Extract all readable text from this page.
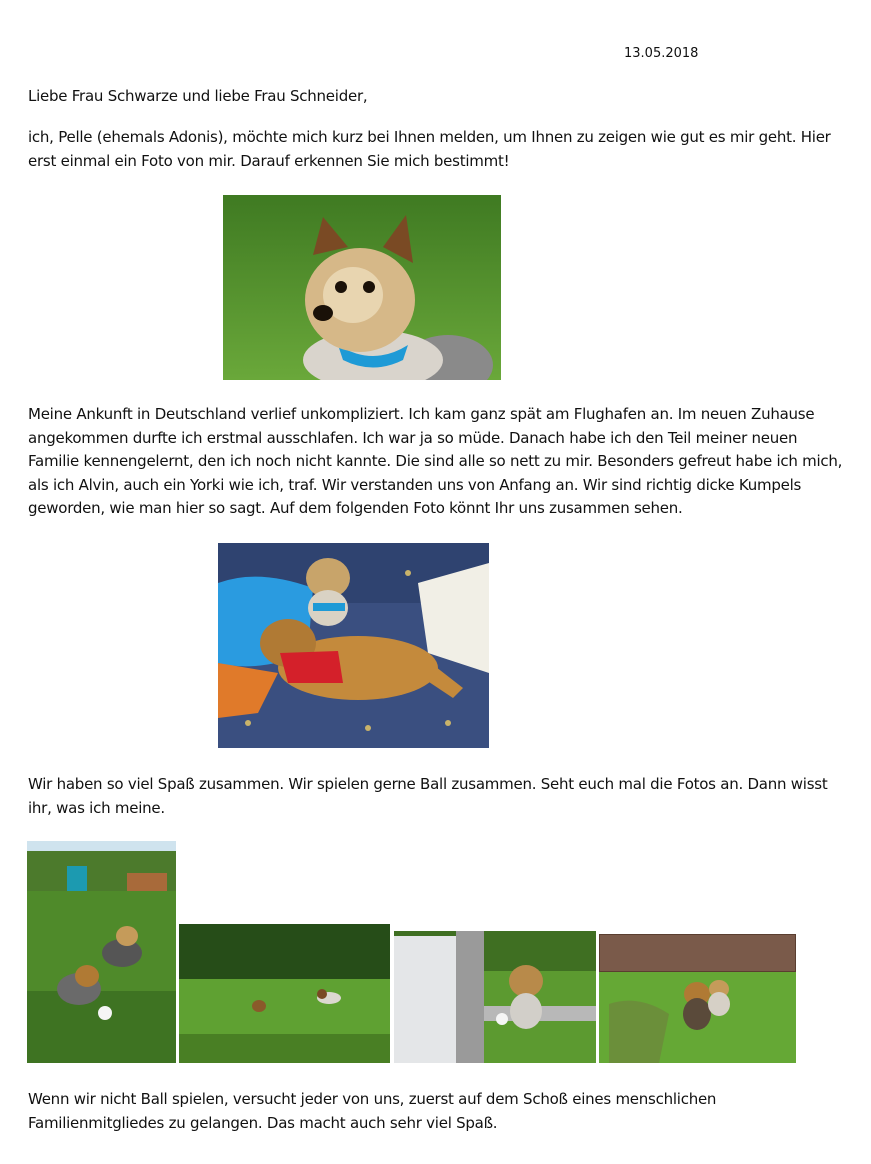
13.05.2018
Liebe Frau Schwarze und liebe Frau Schneider,
ich, Pelle (ehemals Adonis), möchte mich kurz bei Ihnen melden, um Ihnen zu zeigen wie gut es mir geht. Hier erst einmal ein Foto von mir. Darauf erkennen Sie mich bestimmt!
Meine Ankunft in Deutschland verlief unkompliziert. Ich kam ganz spät am Flughafen an. Im neuen Zuhause angekommen durfte ich erstmal ausschlafen. Ich war ja so müde. Danach habe ich den Teil meiner neuen Familie kennengelernt, den ich noch nicht kannte. Die sind alle so nett zu mir. Besonders gefreut habe ich mich, als ich Alvin, auch ein Yorki wie ich, traf. Wir verstanden uns von Anfang an. Wir sind richtig dicke Kumpels geworden, wie man hier so sagt. Auf dem folgenden Foto könnt Ihr uns zusammen sehen.
Wir haben so viel Spaß zusammen. Wir spielen gerne Ball zusammen. Seht euch mal die Fotos an. Dann wisst ihr, was ich meine.
Wenn wir nicht Ball spielen, versucht jeder von uns, zuerst auf dem Schoß eines menschlichen Familienmitgliedes zu gelangen. Das macht auch sehr viel Spaß.
